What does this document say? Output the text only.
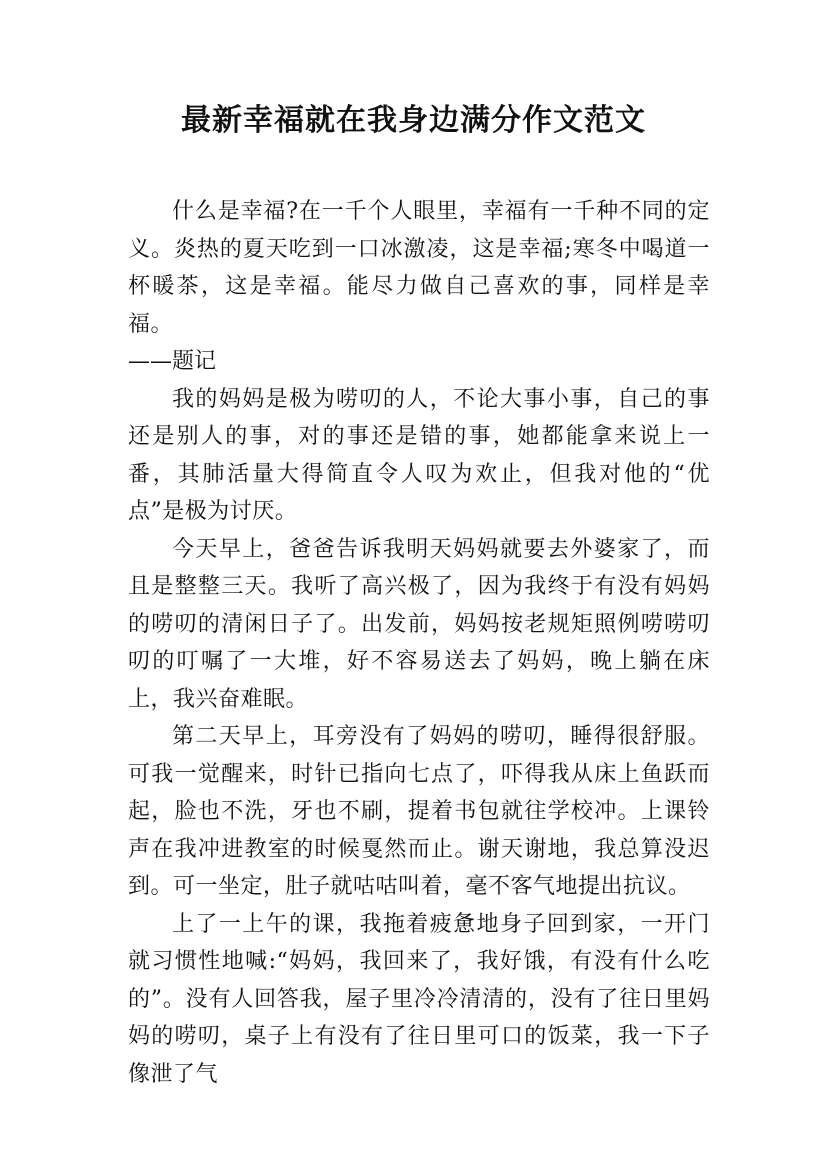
最新幸福就在我身边满分作文范文

什么是幸福?在一千个人眼里，幸福有一千种不同的定义。炎热的夏天吃到一口冰激凌，这是幸福;寒冬中喝道一杯暖茶，这是幸福。能尽力做自己喜欢的事，同样是幸福。

——题记

我的妈妈是极为唠叨的人，不论大事小事，自己的事还是别人的事，对的事还是错的事，她都能拿来说上一番，其肺活量大得简直令人叹为欢止，但我对他的“优点”是极为讨厌。

今天早上，爸爸告诉我明天妈妈就要去外婆家了，而且是整整三天。我听了高兴极了，因为我终于有没有妈妈的唠叨的清闲日子了。出发前，妈妈按老规矩照例唠唠叨叨的叮嘱了一大堆，好不容易送去了妈妈，晚上躺在床上，我兴奋难眠。

第二天早上，耳旁没有了妈妈的唠叨，睡得很舒服。可我一觉醒来，时针已指向七点了，吓得我从床上鱼跃而起，脸也不洗，牙也不刷，提着书包就往学校冲。上课铃声在我冲进教室的时候戛然而止。谢天谢地，我总算没迟到。可一坐定，肚子就咕咕叫着，毫不客气地提出抗议。

上了一上午的课，我拖着疲惫地身子回到家，一开门就习惯性地喊:“妈妈，我回来了，我好饿，有没有什么吃的”。没有人回答我，屋子里冷冷清清的，没有了往日里妈妈的唠叨，桌子上有没有了往日里可口的饭菜，我一下子像泄了气
